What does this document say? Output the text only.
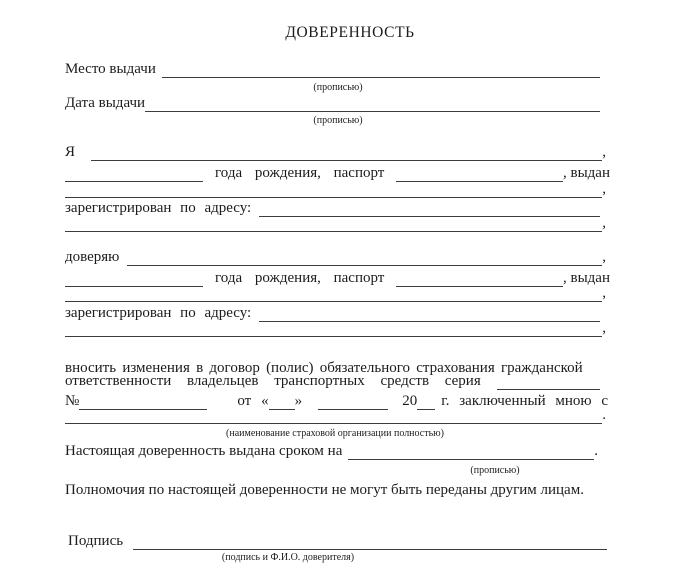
ДОВЕРЕННОСТЬ
Место выдачи
(прописью)
Дата выдачи
(прописью)
Я	,
года рождения, паспорт	, выдан
,
зарегистрирован по адресу:
,
доверяю	,
года рождения, паспорт	, выдан
,
зарегистрирован по адресу:
,
вносить изменения в договор (полис) обязательного страхования гражданской
ответственности владельцев транспортных средств серия
№	от « »	20 г. заключенный мною с
.
(наименование страховой организации полностью)
Настоящая доверенность выдана сроком на	.
(прописью)
Полномочия по настоящей доверенности не могут быть переданы другим лицам.
Подпись
(подпись и Ф.И.О. доверителя)
